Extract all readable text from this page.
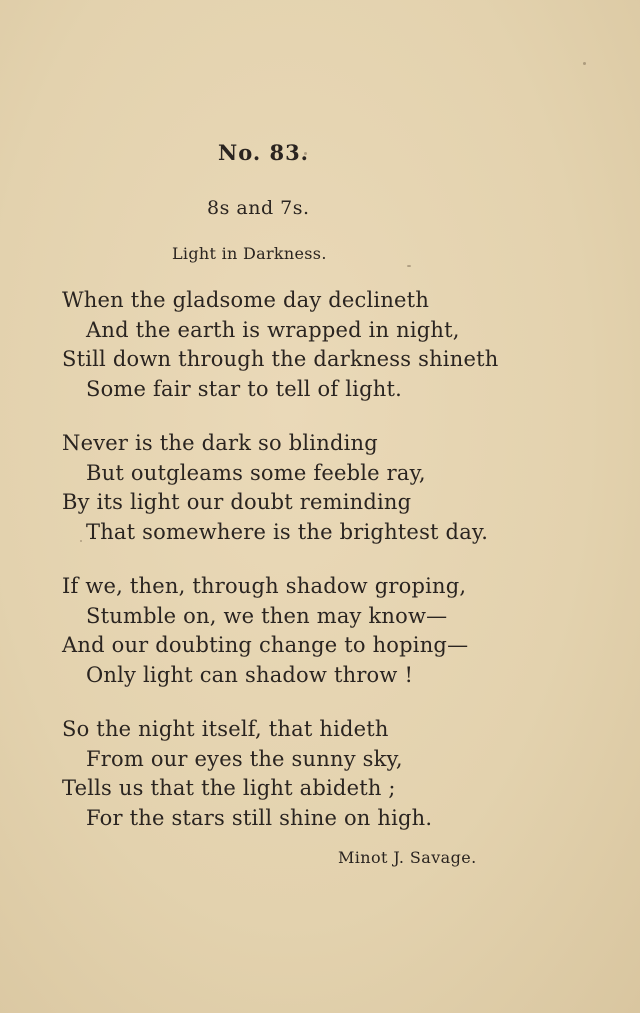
No. 83.
8s and 7s.
Light in Darkness.
When the gladsome day declineth
And the earth is wrapped in night,
Still down through the darkness shineth
Some fair star to tell of light.
Never is the dark so blinding
But outgleams some feeble ray,
By its light our doubt reminding
That somewhere is the brightest day.
If we, then, through shadow groping,
Stumble on, we then may know—
And our doubting change to hoping—
Only light can shadow throw !
So the night itself, that hideth
From our eyes the sunny sky,
Tells us that the light abideth ;
For the stars still shine on high.
Minot J. Savage.
